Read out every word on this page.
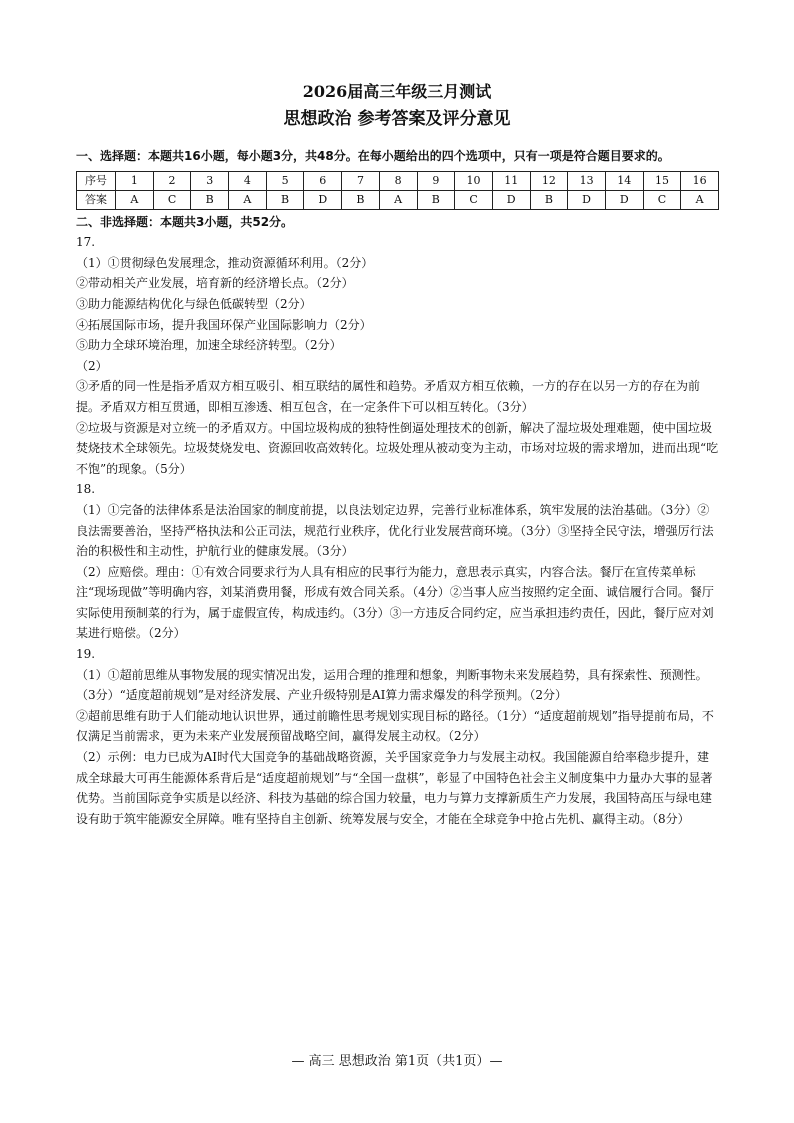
2026届高三年级三月测试
思想政治 参考答案及评分意见

一、选择题：本题共16小题，每小题3分，共48分。在每小题给出的四个选项中，只有一项是符合题目要求的。

序号	1	2	3	4	5	6	7	8	9	10	11	12	13	14	15	16
答案	A	C	B	A	B	D	B	A	B	C	D	B	D	D	C	A

二、非选择题：本题共3小题，共52分。

17.

（1）①贯彻绿色发展理念，推动资源循环利用。（2分）

②带动相关产业发展，培育新的经济增长点。（2分）

③助力能源结构优化与绿色低碳转型（2分）

④拓展国际市场，提升我国环保产业国际影响力（2分）

⑤助力全球环境治理，加速全球经济转型。（2分）

（2）

③矛盾的同一性是指矛盾双方相互吸引、相互联结的属性和趋势。矛盾双方相互依赖，一方的存在以另一方的存在为前提。矛盾双方相互贯通，即相互渗透、相互包含，在一定条件下可以相互转化。（3分）

②垃圾与资源是对立统一的矛盾双方。中国垃圾构成的独特性倒逼处理技术的创新，解决了湿垃圾处理难题，使中国垃圾焚烧技术全球领先。垃圾焚烧发电、资源回收高效转化。垃圾处理从被动变为主动，市场对垃圾的需求增加，进而出现“吃不饱”的现象。（5分）

18.

（1）①完备的法律体系是法治国家的制度前提，以良法划定边界，完善行业标准体系，筑牢发展的法治基础。（3分）②良法需要善治，坚持严格执法和公正司法，规范行业秩序，优化行业发展营商环境。（3分）③坚持全民守法，增强厉行法治的积极性和主动性，护航行业的健康发展。（3分）

（2）应赔偿。理由：①有效合同要求行为人具有相应的民事行为能力，意思表示真实，内容合法。餐厅在宣传菜单标注“现场现做”等明确内容，刘某消费用餐，形成有效合同关系。（4分）②当事人应当按照约定全面、诚信履行合同。餐厅实际使用预制菜的行为，属于虚假宣传，构成违约。（3分）③一方违反合同约定，应当承担违约责任，因此，餐厅应对刘某进行赔偿。（2分）

19.

（1）①超前思维从事物发展的现实情况出发，运用合理的推理和想象，判断事物未来发展趋势，具有探索性、预测性。（3分）“适度超前规划”是对经济发展、产业升级特别是AI算力需求爆发的科学预判。（2分）

②超前思维有助于人们能动地认识世界，通过前瞻性思考规划实现目标的路径。（1分）“适度超前规划”指导提前布局，不仅满足当前需求，更为未来产业发展预留战略空间，赢得发展主动权。（2分）

（2）示例：电力已成为AI时代大国竞争的基础战略资源，关乎国家竞争力与发展主动权。我国能源自给率稳步提升，建成全球最大可再生能源体系背后是“适度超前规划”与“全国一盘棋”，彰显了中国特色社会主义制度集中力量办大事的显著优势。当前国际竞争实质是以经济、科技为基础的综合国力较量，电力与算力支撑新质生产力发展，我国特高压与绿电建设有助于筑牢能源安全屏障。唯有坚持自主创新、统筹发展与安全，才能在全球竞争中抢占先机、赢得主动。（8分）

— 高三 思想政治 第1页（共1页）—
